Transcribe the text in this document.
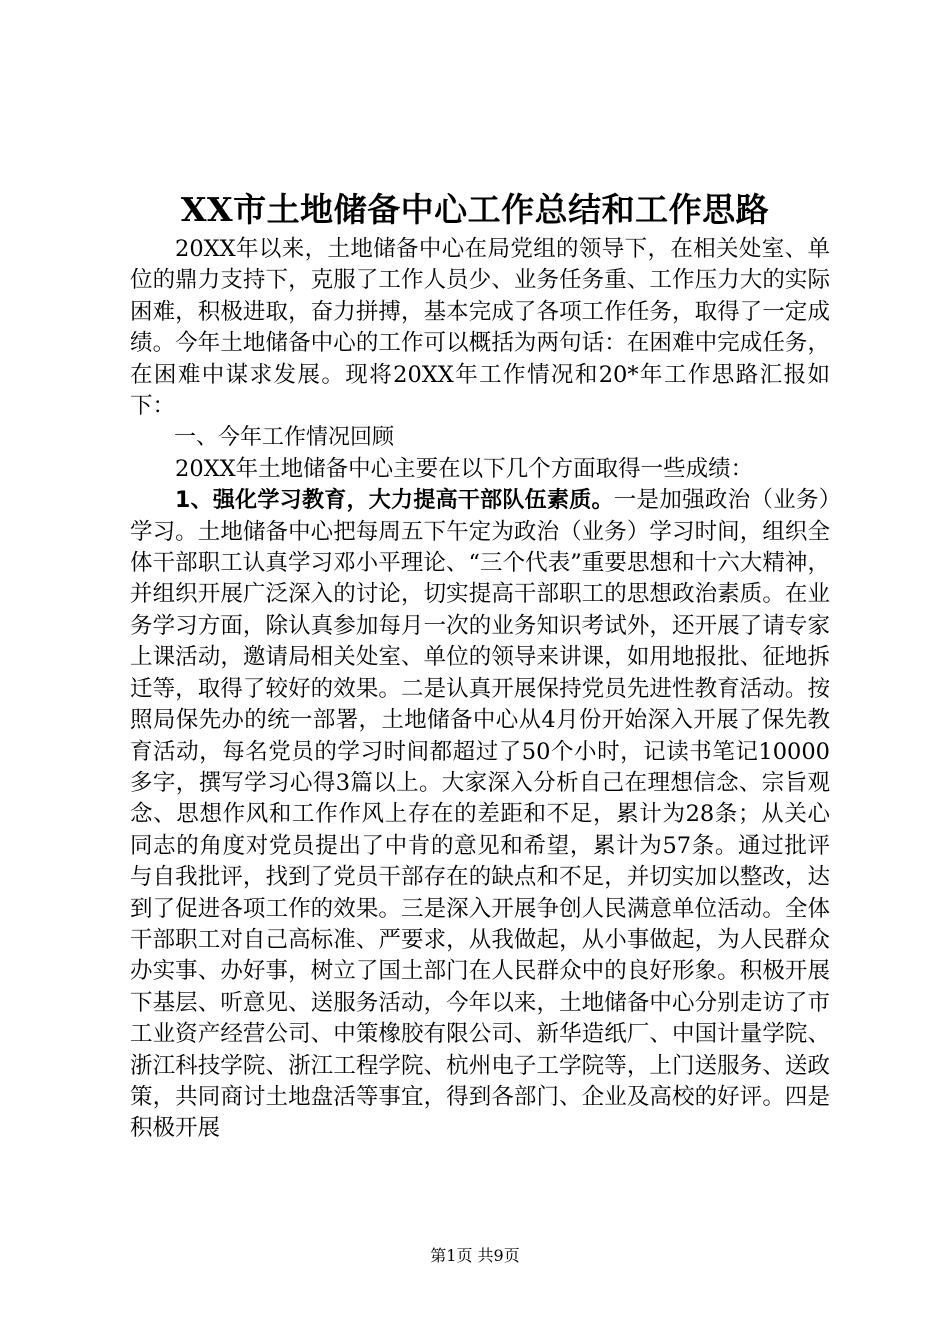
XX市土地储备中心工作总结和工作思路

20XX年以来，土地储备中心在局党组的领导下，在相关处室、单位的鼎力支持下，克服了工作人员少、业务任务重、工作压力大的实际困难，积极进取，奋力拼搏，基本完成了各项工作任务，取得了一定成绩。今年土地储备中心的工作可以概括为两句话：在困难中完成任务，在困难中谋求发展。现将20XX年工作情况和20*年工作思路汇报如下：

一、今年工作情况回顾

20XX年土地储备中心主要在以下几个方面取得一些成绩：

1、强化学习教育，大力提高干部队伍素质。一是加强政治（业务）学习。土地储备中心把每周五下午定为政治（业务）学习时间，组织全体干部职工认真学习邓小平理论、“三个代表”重要思想和十六大精神，并组织开展广泛深入的讨论，切实提高干部职工的思想政治素质。在业务学习方面，除认真参加每月一次的业务知识考试外，还开展了请专家上课活动，邀请局相关处室、单位的领导来讲课，如用地报批、征地拆迁等，取得了较好的效果。二是认真开展保持党员先进性教育活动。按照局保先办的统一部署，土地储备中心从4月份开始深入开展了保先教育活动，每名党员的学习时间都超过了50个小时，记读书笔记10000多字，撰写学习心得3篇以上。大家深入分析自己在理想信念、宗旨观念、思想作风和工作作风上存在的差距和不足，累计为28条；从关心同志的角度对党员提出了中肯的意见和希望，累计为57条。通过批评与自我批评，找到了党员干部存在的缺点和不足，并切实加以整改，达到了促进各项工作的效果。三是深入开展争创人民满意单位活动。全体干部职工对自己高标准、严要求，从我做起，从小事做起，为人民群众办实事、办好事，树立了国土部门在人民群众中的良好形象。积极开展下基层、听意见、送服务活动，今年以来，土地储备中心分别走访了市工业资产经营公司、中策橡胶有限公司、新华造纸厂、中国计量学院、浙江科技学院、浙江工程学院、杭州电子工学院等，上门送服务、送政策，共同商讨土地盘活等事宜，得到各部门、企业及高校的好评。四是积极开展

第1页 共9页
